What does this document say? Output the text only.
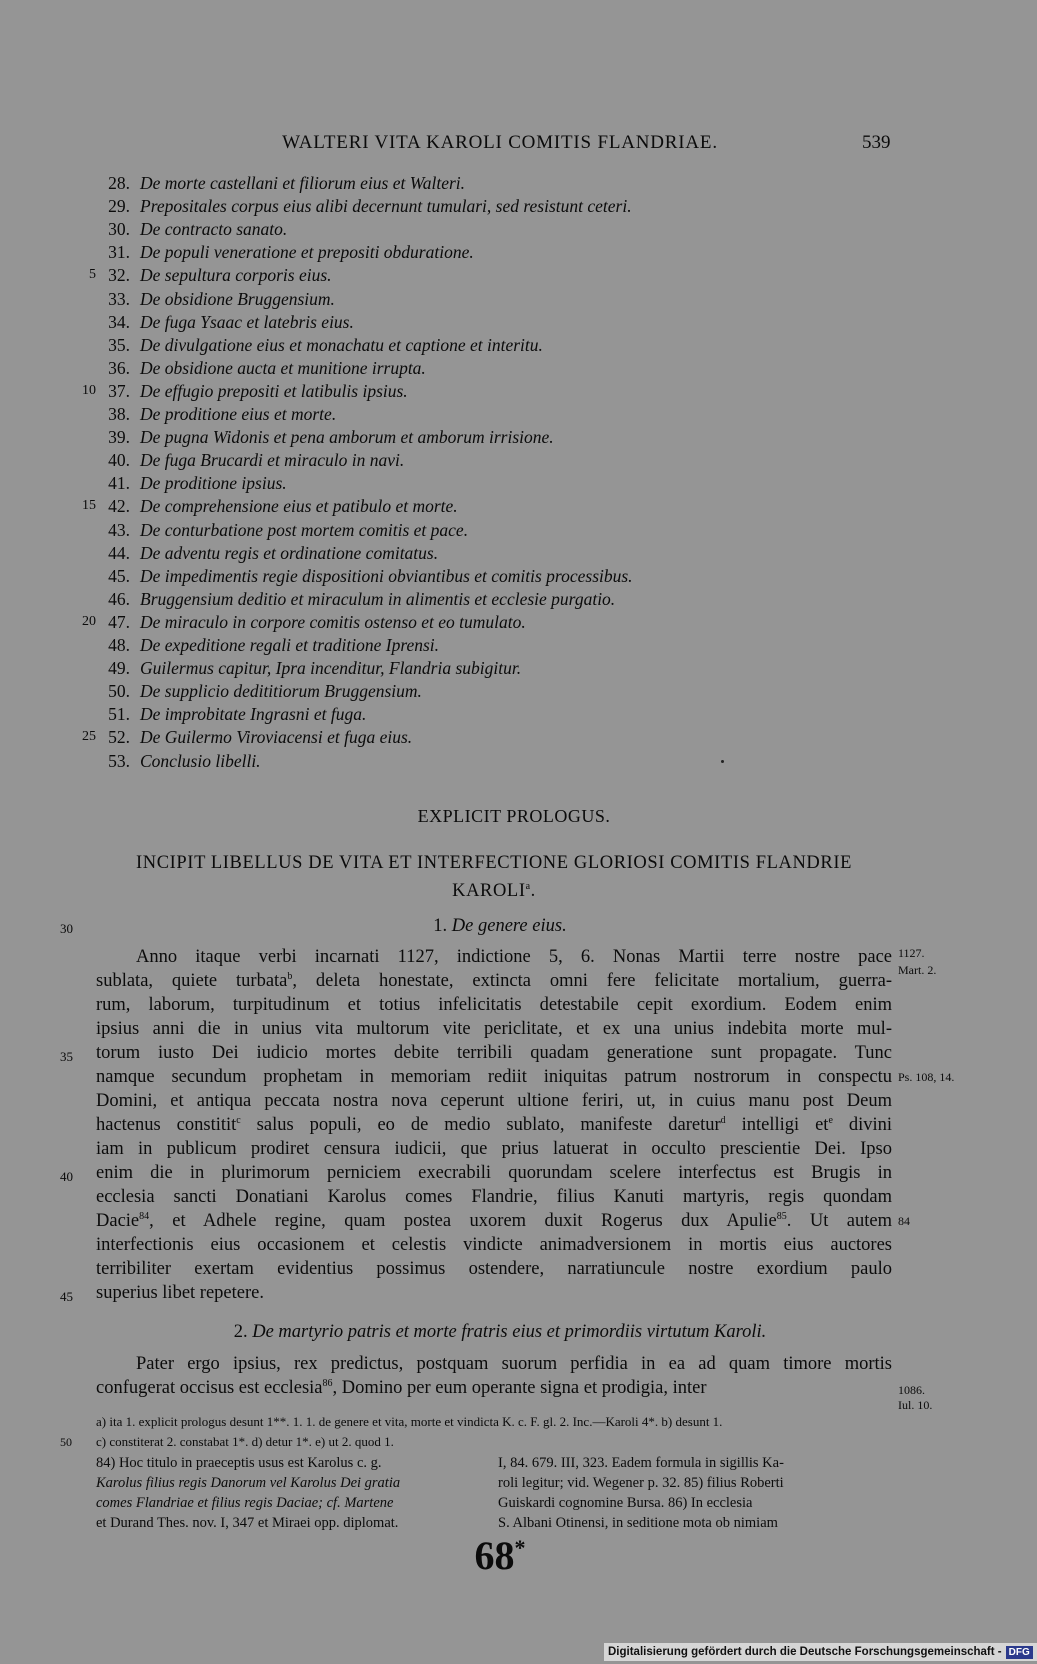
WALTERI VITA KAROLI COMITIS FLANDRIAE.	539
28. De morte castellani et filiorum eius et Walteri.
29. Prepositales corpus eius alibi decernunt tumulari, sed resistunt ceteri.
30. De contracto sanato.
31. De populi veneratione et prepositi obduratione.
5 32. De sepultura corporis eius.
33. De obsidione Bruggensium.
34. De fuga Ysaac et latebris eius.
35. De divulgatione eius et monachatu et captione et interitu.
36. De obsidione aucta et munitione irrupta.
10 37. De effugio prepositi et latibulis ipsius.
38. De proditione eius et morte.
39. De pugna Widonis et pena amborum et amborum irrisione.
40. De fuga Brucardi et miraculo in navi.
41. De proditione ipsius.
15 42. De comprehensione eius et patibulo et morte.
43. De conturbatione post mortem comitis et pace.
44. De adventu regis et ordinatione comitatus.
45. De impedimentis regie dispositioni obviantibus et comitis processibus.
46. Bruggensium deditio et miraculum in alimentis et ecclesie purgatio.
20 47. De miraculo in corpore comitis ostenso et eo tumulato.
48. De expeditione regali et traditione Iprensi.
49. Guilermus capitur, Ipra incenditur, Flandria subigitur.
50. De supplicio dedititiorum Bruggensium.
51. De improbitate Ingrasni et fuga.
25 52. De Guilermo Viroviacensi et fuga eius.
53. Conclusio libelli.
EXPLICIT PROLOGUS.
INCIPIT LIBELLUS DE VITA ET INTERFECTIONE GLORIOSI COMITIS FLANDRIE
KAROLI$^a$.
30	1. De genere eius.
Anno itaque verbi incarnati 1127, indictione 5, 6. Nonas Martii terre nostre pace
sublata, quiete turbata$^b$, deleta honestate, extincta omni fere felicitate mortalium, guerra-
rum, laborum, turpitudinum et totius infelicitatis detestabile cepit exordium. Eodem enim
ipsius anni die in unius vita multorum vite periclitate, et ex una unius indebita morte mul-
torum iusto Dei iudicio mortes debite terribili quadam generatione sunt propagate. Tunc
namque secundum prophetam in memoriam rediit iniquitas patrum nostrorum in conspectu
Domini, et antiqua peccata nostra nova ceperunt ultione feriri, ut, in cuius manu post Deum
hactenus constitit$^c$ salus populi, eo de medio sublato, manifeste daretur$^d$ intelligi $et^e$ divini
iam in publicum prodiret censura iudicii, que prius latuerat in occulto prescientie Dei. Ipso
enim die in plurimorum perniciem execrabili quorundam scelere interfectus est Brugis in
ecclesia sancti Donatiani Karolus comes Flandrie, filius Kanuti martyris, regis quondam
Dacie$^{84}$, et Adhele regine, quam postea uxorem duxit Rogerus dux Apulie$^{85}$. Ut autem
interfectionis eius occasionem et celestis vindicte animadversionem in mortis eius auctores
terribiliter exertam evidentius possimus ostendere, narratiuncule nostre exordium paulo
superius libet repetere.
35
40
45
1127.
Mart. 2.
Ps. 108, 14.
84
2. De martyrio patris et morte fratris eius et primordiis virtutum Karoli.
Pater ergo ipsius, rex predictus, postquam suorum perfidia in ea ad quam timore mortis
confugerat occisus est ecclesia$^{86}$, Domino per eum operante signa et prodigia, inter	1086.
Iul. 10.
a) ita 1. explicit prologus desunt 1**. 1. 1. de genere et vita, morte et vindicta K. c. F. gl. 2. Inc.—Karoli 4*. b) desunt 1.
c) constiterat 2. constabat 1*. d) detur 1*. e) ut 2. quod 1.
50
84) Hoc titulo in praeceptis usus est Karolus c. g.
Karolus filius regis Danorum vel Karolus Dei gratia
comes Flandriae et filius regis Daciae; cf. Martene
et Durand Thes. nov. I, 347 et Miraei opp. diplomat.
I, 84. 679. III, 323. Eadem formula in sigillis Ka-
roli legitur; vid. Wegener p. 32. 85) filius Roberti
Guiskardi cognomine Bursa. 86) In ecclesia
S. Albani Otinensi, in seditione mota ob nimiam
68*
Digitalisierung gefördert durch die Deutsche Forschungsgemeinschaft - DFG
